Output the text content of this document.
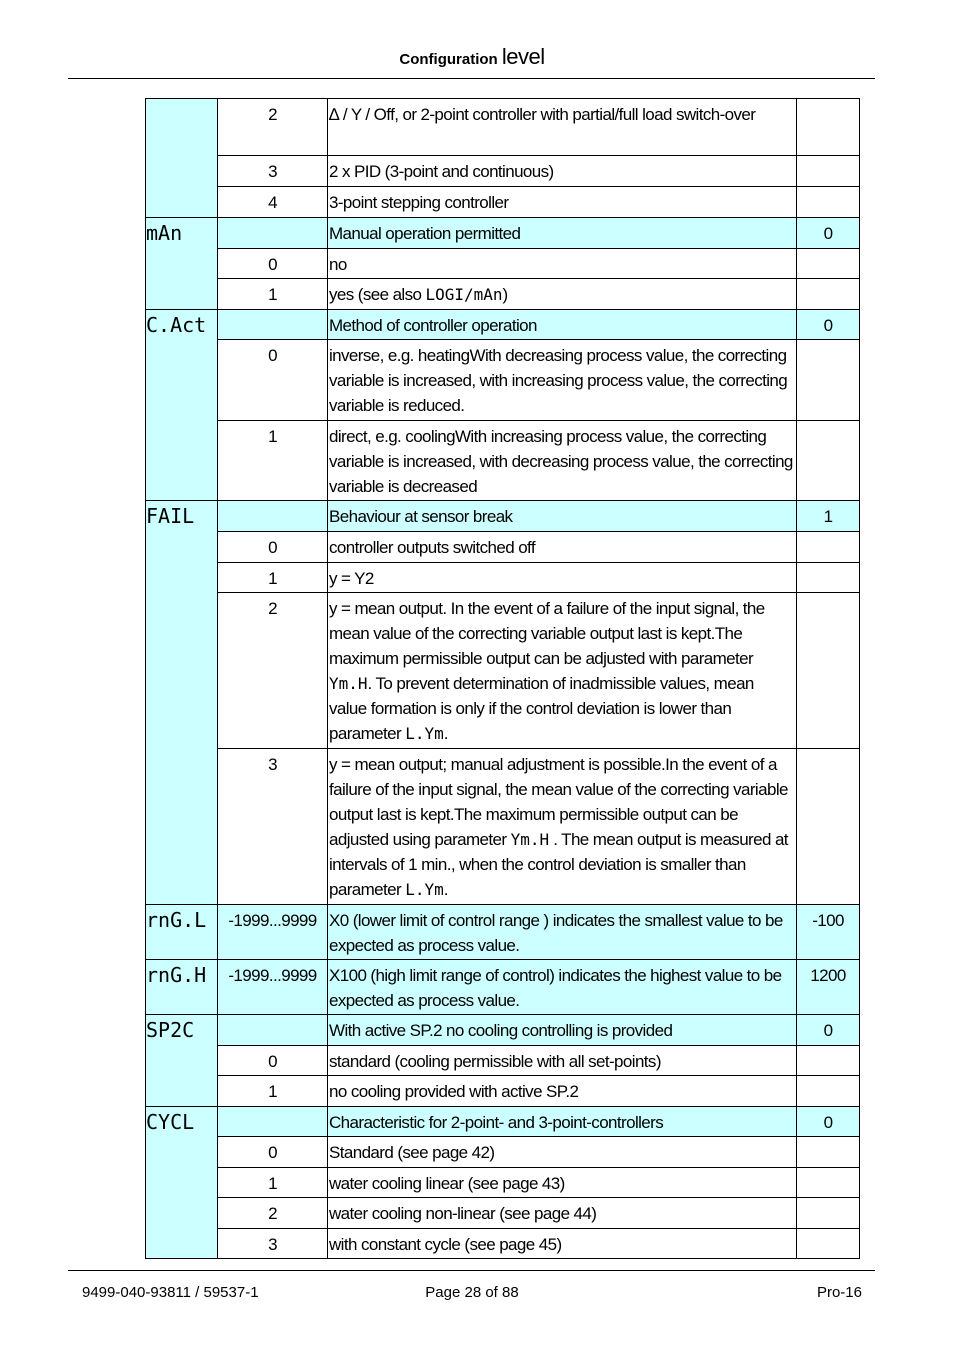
Configuration level
	2	∆ / Y / Off, or 2-point controller with partial/full load switch-over	
	3	2 x PID (3-point and continuous)	
	4	3-point stepping controller	
mAn		Manual operation permitted	0
	0	no	
	1	yes (see also LOGI/mAn)	
C.Act		Method of controller operation	0
	0	inverse, e.g. heatingWith decreasing process value, the correcting variable is increased, with increasing process value, the correcting variable is reduced.	
	1	direct, e.g. coolingWith increasing process value, the correcting variable is increased, with decreasing process value, the correcting variable is decreased	
FAIL		Behaviour at sensor break	1
	0	controller outputs switched off	
	1	y = Y2	
	2	y = mean output. In the event of a failure of the input signal, the mean value of the correcting variable output last is kept.The maximum permissible output can be adjusted with parameter Ym.H. To prevent determination of inadmissible values, mean value formation is only if the control deviation is lower than parameter L.Ym.	
	3	y = mean output; manual adjustment is possible.In the event of a failure of the input signal, the mean value of the correcting variable output last is kept.The maximum permissible output can be adjusted using parameter Ym.H . The mean output is measured at intervals of 1 min., when the control deviation is smaller than parameter L.Ym.	
rnG.L	-1999...9999	X0 (lower limit of control range ) indicates the smallest value to be expected as process value.	-100
rnG.H	-1999...9999	X100 (high limit range of control) indicates the highest value to be expected as process value.	1200
SP2C		With active SP.2 no cooling controlling is provided	0
	0	standard (cooling permissible with all set-points)	
	1	no cooling provided with active SP.2	
CYCL		Characteristic for 2-point- and 3-point-controllers	0
	0	Standard (see page 42)	
	1	water cooling linear (see page 43)	
	2	water cooling non-linear (see page 44)	
	3	with constant cycle (see page 45)	
9499-040-93811 / 59537-1	Page 28 of 88	Pro-16
